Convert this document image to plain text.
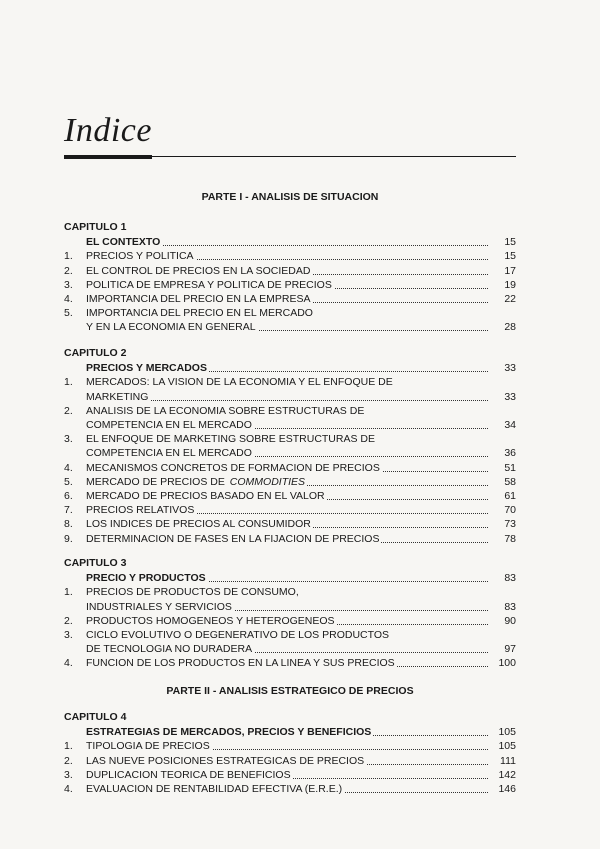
Indice
PARTE I - ANALISIS DE SITUACION
PARTE II - ANALISIS ESTRATEGICO DE PRECIOS
CAPITULO 1
EL CONTEXTO	15
1.	PRECIOS Y POLITICA	15
2.	EL CONTROL DE PRECIOS EN LA SOCIEDAD	17
3.	POLITICA DE EMPRESA Y POLITICA DE PRECIOS	19
4.	IMPORTANCIA DEL PRECIO EN LA EMPRESA	22
5.	IMPORTANCIA DEL PRECIO EN EL MERCADO
Y EN LA ECONOMIA EN GENERAL	28
CAPITULO 2
PRECIOS Y MERCADOS	33
1.	MERCADOS: LA VISION DE LA ECONOMIA Y EL ENFOQUE DE
MARKETING	33
2.	ANALISIS DE LA ECONOMIA SOBRE ESTRUCTURAS DE
COMPETENCIA EN EL MERCADO	34
3.	EL ENFOQUE DE MARKETING SOBRE ESTRUCTURAS DE
COMPETENCIA EN EL MERCADO	36
4.	MECANISMOS CONCRETOS DE FORMACION DE PRECIOS	51
5.	MERCADO DE PRECIOS DE COMMODITIES	58
6.	MERCADO DE PRECIOS BASADO EN EL VALOR	61
7.	PRECIOS RELATIVOS	70
8.	LOS INDICES DE PRECIOS AL CONSUMIDOR	73
9.	DETERMINACION DE FASES EN LA FIJACION DE PRECIOS	78
CAPITULO 3
PRECIO Y PRODUCTOS	83
1.	PRECIOS DE PRODUCTOS DE CONSUMO,
INDUSTRIALES Y SERVICIOS	83
2.	PRODUCTOS HOMOGENEOS Y HETEROGENEOS	90
3.	CICLO EVOLUTIVO O DEGENERATIVO DE LOS PRODUCTOS
DE TECNOLOGIA NO DURADERA	97
4.	FUNCION DE LOS PRODUCTOS EN LA LINEA Y SUS PRECIOS	100
CAPITULO 4
ESTRATEGIAS DE MERCADOS, PRECIOS Y BENEFICIOS	105
1.	TIPOLOGIA DE PRECIOS	105
2.	LAS NUEVE POSICIONES ESTRATEGICAS DE PRECIOS	111
3.	DUPLICACION TEORICA DE BENEFICIOS	142
4.	EVALUACION DE RENTABILIDAD EFECTIVA (E.R.E.)	146
